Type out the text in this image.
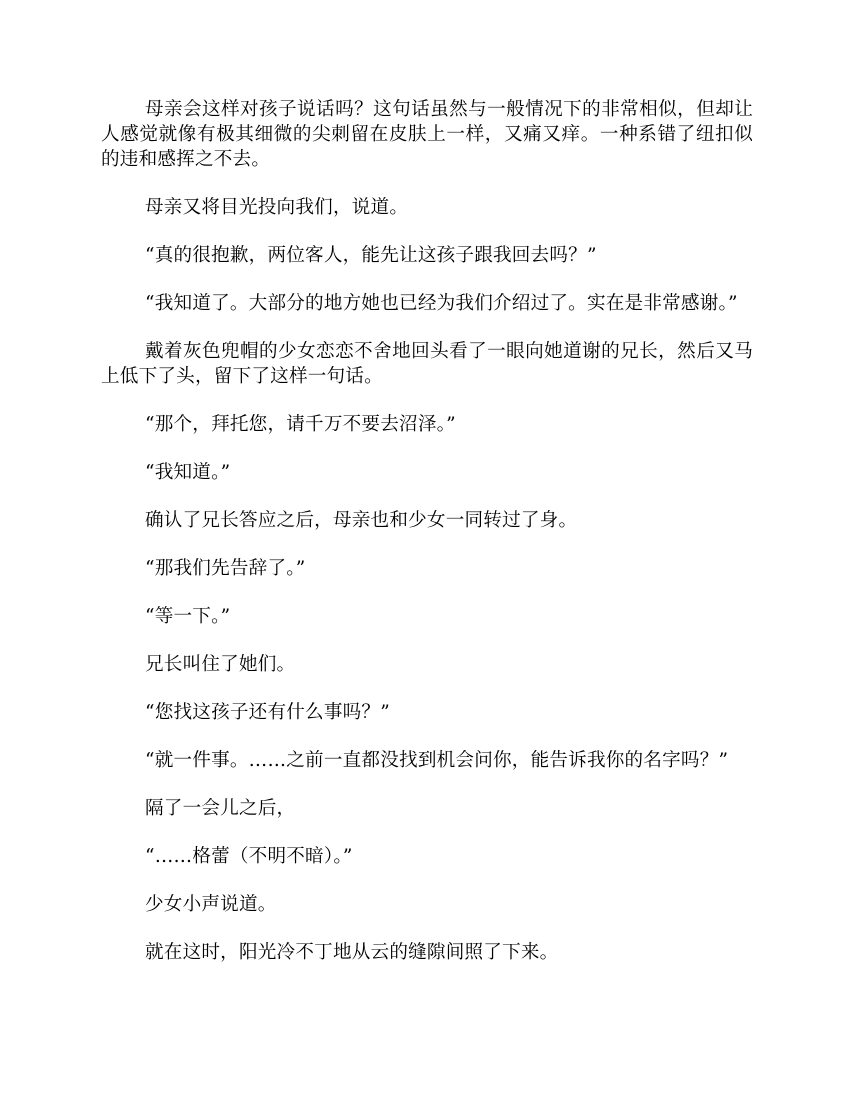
母亲会这样对孩子说话吗？这句话虽然与一般情况下的非常相似，但却让人感觉就像有极其细微的尖刺留在皮肤上一样，又痛又痒。一种系错了纽扣似的违和感挥之不去。

母亲又将目光投向我们，说道。

“真的很抱歉，两位客人，能先让这孩子跟我回去吗？”

“我知道了。大部分的地方她也已经为我们介绍过了。实在是非常感谢。”

戴着灰色兜帽的少女恋恋不舍地回头看了一眼向她道谢的兄长，然后又马上低下了头，留下了这样一句话。

“那个，拜托您，请千万不要去沼泽。”

“我知道。”

确认了兄长答应之后，母亲也和少女一同转过了身。

“那我们先告辞了。”

“等一下。”

兄长叫住了她们。

“您找这孩子还有什么事吗？”

“就一件事。……之前一直都没找到机会问你，能告诉我你的名字吗？”

隔了一会儿之后，

“……格蕾（不明不暗）。”

少女小声说道。

就在这时，阳光冷不丁地从云的缝隙间照了下来。
